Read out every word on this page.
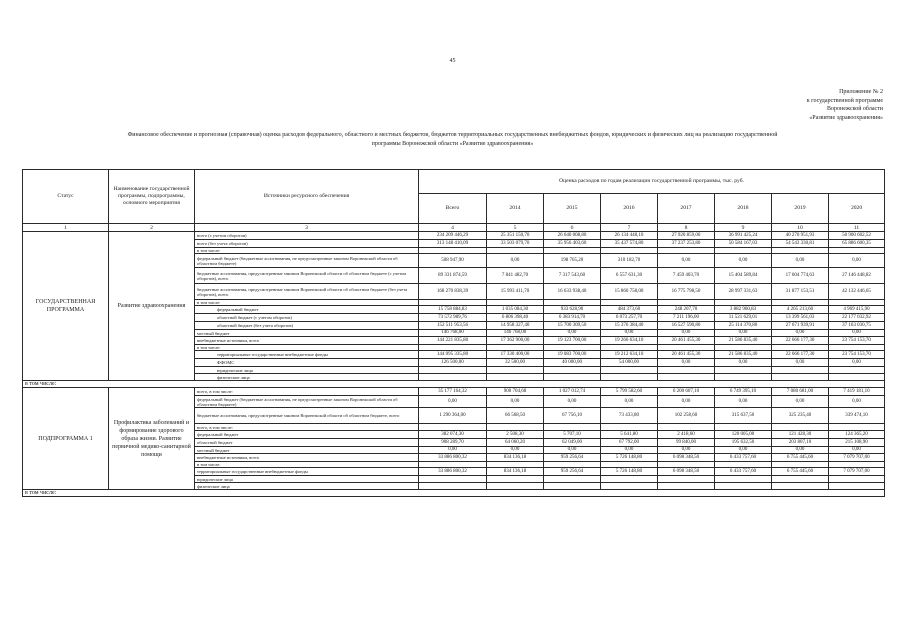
45
Приложение № 2
к государственной программе
Воронежской области
«Развитие здравоохранения»
Финансовое обеспечение и прогнозная (справочная) оценка расходов федерального, областного и местных бюджетов, бюджетов территориальных государственных внебюджетных фондов, юридических и физических лиц на реализацию государственной
программы Воронежской области «Развитие здравоохранения»
Статус	Наименование государственной программы, подпрограммы, основного мероприятия	Источники ресурсного обеспечения	Оценка расходов по годам реализации государственной программы, тыс. руб.							
			Всего	2014	2015	2016	2017	2018	2019	2020
1	2	3	4	5	6	7	8	9	10	11
ГОСУДАРСТВЕННАЯ ПРОГРАММА	Развитие здравоохранения	всего (с учетом оборотов)	234 209 446,29	25 351 150,70	26 640 008,80	26 134 448,10	27 920 859,00	36 991 425,24	40 270 951,93	50 900 602,52
		всего (без учета оборотов)	313 148 410,09	33 503 079,70	35 956 403,60	35 437 574,80	37 237 253,80	50 584 167,03	54 543 330,81	65 886 600,35
		в том числе:								
		федеральный бюджет (бюджетные ассигнования, не предусмотренные законом Воронежской области об областном бюджете)	508 947,90	0,00	198 765,20	310 182,70	0,00	0,00	0,00	0,00
		бюджетные ассигнования, предусмотренные законом Воронежской области об областном бюджете (с учетом оборотов), всего	89 331 874,59	7 841 482,70	7 317 543,60	6 557 631,30	7 459 403,70	15 404 589,84	17 604 774,63	27 146 448,82
		бюджетные ассигнования, предусмотренные законом Воронежской области об областном бюджете (без учета оборотов), всего	168 270 838,39	15 993 411,70	16 633 938,40	15 860 758,00	16 775 798,50	28 997 331,63	31 877 153,51	42 132 446,65
		в том числе:								
		федеральный бюджет	15 758 884,83	1 035 084,30	933 628,90	484 373,60	248 207,70	3 882 960,83	4 205 213,60	4 969 415,90
		областной бюджет (с учетом оборотов)	73 572 989,76	6 806 398,40	6 383 914,70	6 073 257,70	7 211 196,00	11 521 629,01	13 399 561,03	22 177 032,92
		областной бюджет (без учета оборотов)	152 511 953,56	14 958 327,40	15 700 309,50	15 376 384,40	16 527 590,80	25 114 370,80	27 671 939,91	37 163 030,75
		местный бюджет	146 768,00	146 768,00	0,00	0,00	0,00	0,00	0,00	0,00
		внебюджетные источники, всего	144 221 835,80	17 362 900,00	19 123 700,00	19 266 634,10	20 461 455,30	21 586 835,40	22 666 177,30	23 754 153,70
		в том числе:								
		территориальные государственные внебюджетные фонды	144 095 335,80	17 330 400,00	19 083 700,00	19 212 634,10	20 461 455,30	21 586 835,40	22 666 177,30	23 754 153,70
		ФФОМС	126 500,00	32 500,00	40 000,00	54 000,00	0,00	0,00	0,00	0,00
		юридические лица								
		физические лица								
в том числе:										
ПОДПРОГРАММА 1	Профилактика заболеваний и формирование здорового образа жизни. Развитие первичной медико-санитарной помощи	всего, в том числе:	35 177 164,32	900 704,68	1 027 012,74	5 799 582,60	6 200 607,10	6 749 395,10	7 080 681,00	7 419 181,10
		федеральный бюджет (бюджетные ассигнования, не предусмотренные законом Воронежской области об областном бюджете)	0,00	0,00	0,00	0,00	0,00	0,00	0,00	0,00
		бюджетные ассигнования, предусмотренные законом Воронежской области об областном бюджете, всего	1 290 364,00	66 568,50	67 756,10	73 433,80	102 258,60	315 637,50	325 235,40	339 474,10
		всего, в том числе:								
		федеральный бюджет	382 074,30	2 508,30	5 707,10	5 641,80	2 418,60	120 005,00	121 428,30	124 365,20
		областной бюджет	908 289,70	64 060,20	62 049,00	67 792,00	99 840,00	195 632,50	203 807,10	215 108,90
		местный бюджет	0,00	0,00	0,00	0,00	0,00	0,00	0,00	0,00
		внебюджетные источники, всего	33 886 800,32	834 136,18	959 256,64	5 726 148,80	6 098 348,50	6 433 757,60	6 755 445,60	7 079 707,00
		в том числе:								
		территориальные государственные внебюджетные фонды	33 886 800,32	834 136,18	959 256,64	5 726 148,80	6 098 348,50	6 433 757,60	6 755 445,60	7 079 707,00
		юридические лица								
		физические лица								
в том числе:										
